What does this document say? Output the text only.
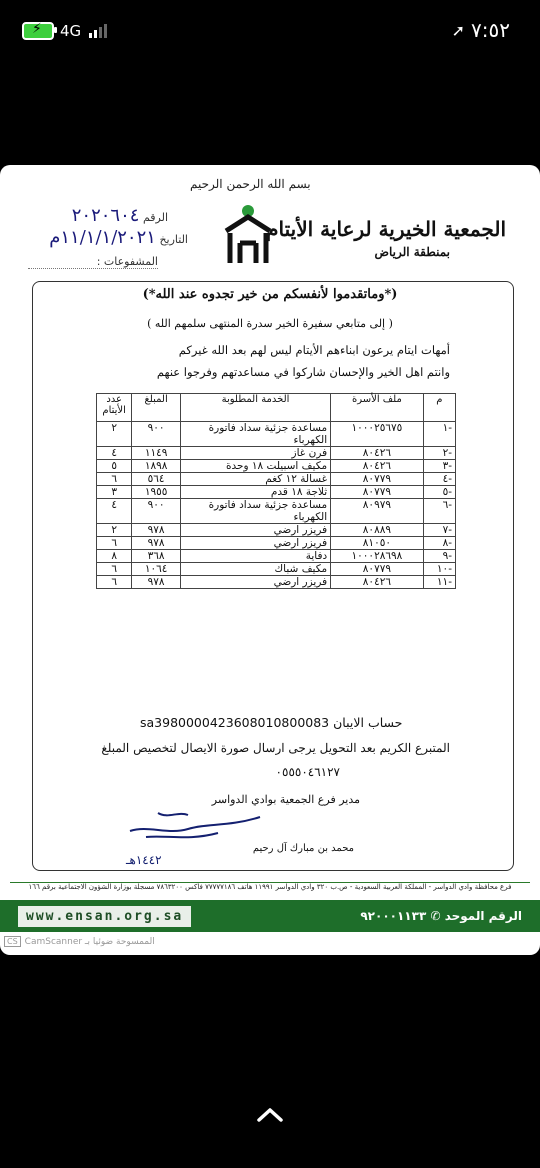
⚡ 4G	➚ ٧:٥٢
بسم الله الرحمن الرحيم
الجمعية الخيرية لرعاية الأيتام
بمنطقة الرياض
الرقم ٢٠٢٠٦٠٤
التاريخ ١١/١/١/٢٠٢١م
المشفوعات :
(*وماتقدموا لأنفسكم من خير تجدوه عند الله*)
( إلى متابعي سفيرة الخير سدرة المنتهى سلمهم الله )
أمهات ايتام يرعون ابناءهم الأيتام ليس لهم بعد الله غيركم
وانتم اهل الخير والإحسان شاركوا في مساعدتهم وفرجوا عنهم
م	ملف الأسرة	الخدمة المطلوبة	المبلغ	عدد الأيتام
-١	١٠٠٠٢٥٦٧٥	مساعدة جزئية سداد فاتورة الكهرباء	٩٠٠	٢
-٢	٨٠٤٢٦	فرن غاز	١١٤٩	٤
-٣	٨٠٤٢٦	مكيف اسبيلت ١٨ وحدة	١٨٩٨	٥
-٤	٨٠٧٧٩	غسالة ١٢ كغم	٥٦٤	٦
-٥	٨٠٧٧٩	ثلاجة ١٨ قدم	١٩٥٥	٣
-٦	٨٠٩٧٩	مساعدة جزئية سداد فاتورة الكهرباء	٩٠٠	٤
-٧	٨٠٨٨٩	فريزر ارضي	٩٧٨	٢
-٨	٨١٠٥٠	فريزر ارضي	٩٧٨	٦
-٩	١٠٠٠٢٨٦٩٨	دفاية	٣٦٨	٨
-١٠	٨٠٧٧٩	مكيف شباك	١٠٦٤	٦
-١١	٨٠٤٢٦	فريزر ارضي	٩٧٨	٦
حساب الايبان sa3980000423608010800083
المتبرع الكريم بعد التحويل يرجى ارسال صورة الايصال لتخصيص المبلغ
٠٥٥٥٠٤٦١٢٧
مدير فرع الجمعية بوادي الدواسر
محمد بن مبارك آل رحيم
١٤٤٢هـ
فرع محافظة وادي الدواسر - المملكة العربية السعودية - ص.ب ٣٢٠ وادي الدواسر ١١٩٩١ هاتف ٧٧٧٧٧١٨٦ فاكس ٧٨٦٣٢٠٠ مسجلة بوزارة الشؤون الاجتماعية برقم ١٦٦
www.ensan.org.sa	الرقم الموحد ✆ ٩٢٠٠٠١١٣٣
CS CamScanner الممسوحة ضوئيا بـ
